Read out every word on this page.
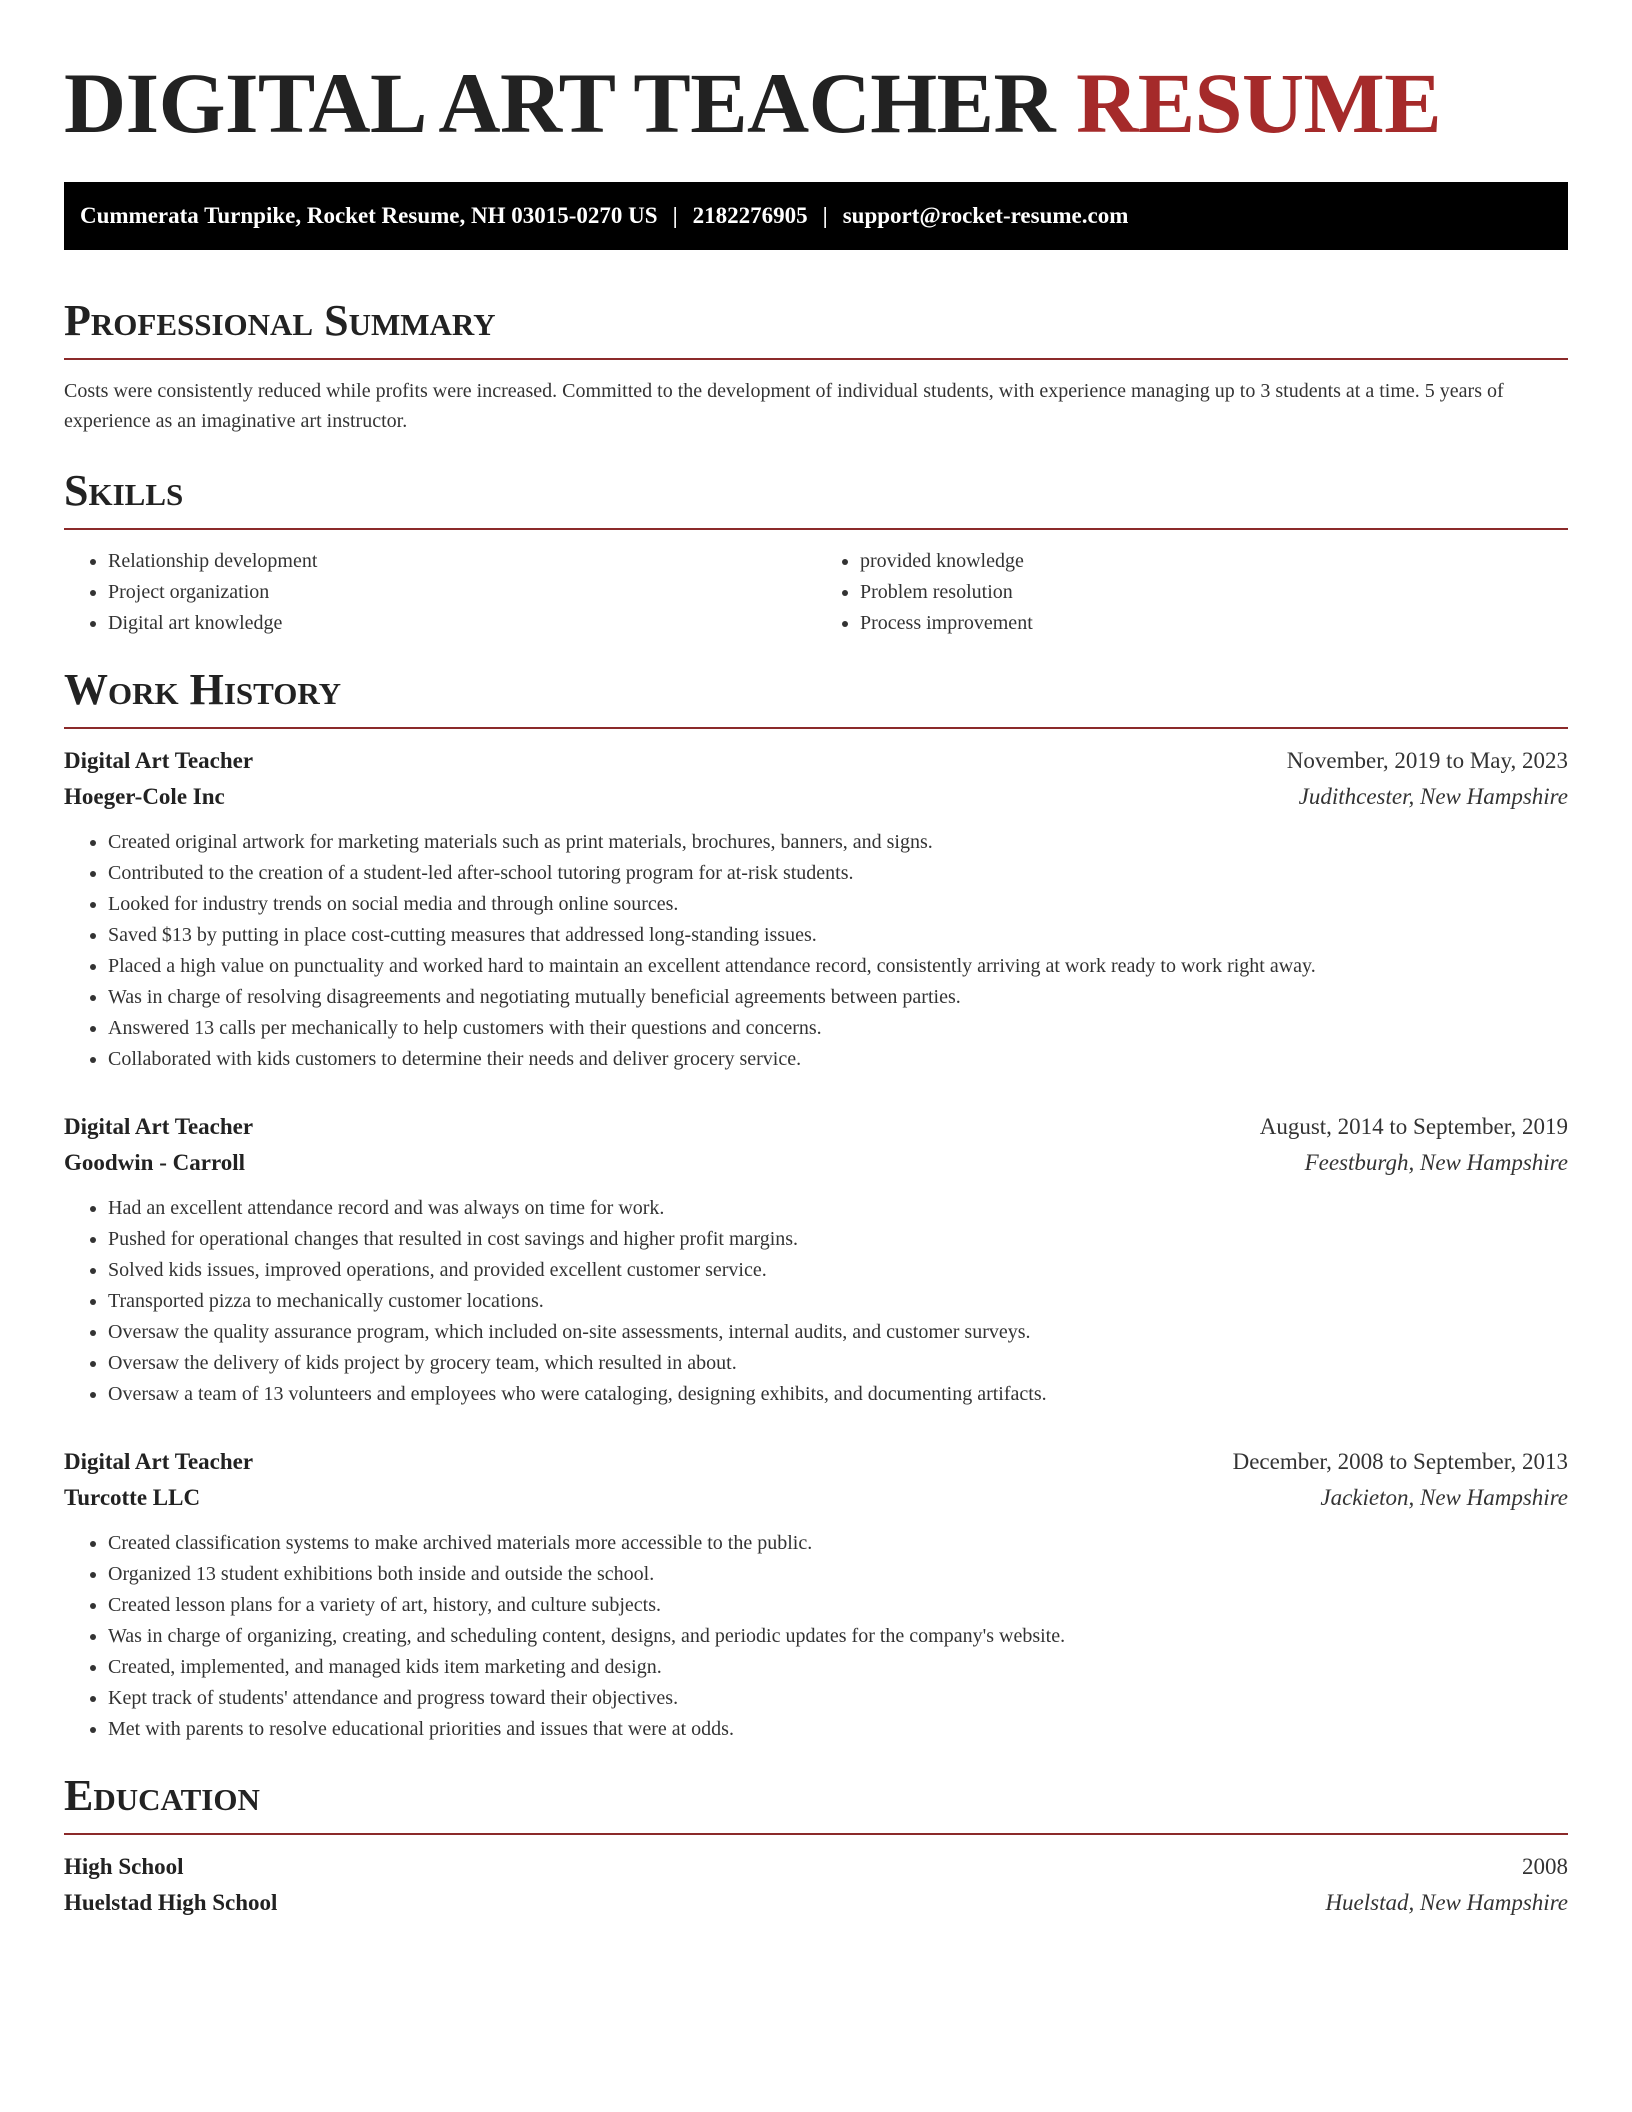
DIGITAL ART TEACHER RESUME
Cummerata Turnpike, Rocket Resume, NH 03015-0270 US | 2182276905 | support@rocket-resume.com
Professional Summary

Costs were consistently reduced while profits were increased. Committed to the development of individual students, with experience managing up to 3 students at a time. 5 years of experience as an imaginative art instructor.

Skills
• Relationship development
• Project organization
• Digital art knowledge
• provided knowledge
• Problem resolution
• Process improvement
Work History
Digital Art Teacher	November, 2019 to May, 2023
Hoeger-Cole Inc	Judithcester, New Hampshire
• Created original artwork for marketing materials such as print materials, brochures, banners, and signs.
• Contributed to the creation of a student-led after-school tutoring program for at-risk students.
• Looked for industry trends on social media and through online sources.
• Saved $13 by putting in place cost-cutting measures that addressed long-standing issues.
• Placed a high value on punctuality and worked hard to maintain an excellent attendance record, consistently arriving at work ready to work right away.
• Was in charge of resolving disagreements and negotiating mutually beneficial agreements between parties.
• Answered 13 calls per mechanically to help customers with their questions and concerns.
• Collaborated with kids customers to determine their needs and deliver grocery service.
Digital Art Teacher	August, 2014 to September, 2019
Goodwin - Carroll	Feestburgh, New Hampshire
• Had an excellent attendance record and was always on time for work.
• Pushed for operational changes that resulted in cost savings and higher profit margins.
• Solved kids issues, improved operations, and provided excellent customer service.
• Transported pizza to mechanically customer locations.
• Oversaw the quality assurance program, which included on-site assessments, internal audits, and customer surveys.
• Oversaw the delivery of kids project by grocery team, which resulted in about.
• Oversaw a team of 13 volunteers and employees who were cataloging, designing exhibits, and documenting artifacts.
Digital Art Teacher	December, 2008 to September, 2013
Turcotte LLC	Jackieton, New Hampshire
• Created classification systems to make archived materials more accessible to the public.
• Organized 13 student exhibitions both inside and outside the school.
• Created lesson plans for a variety of art, history, and culture subjects.
• Was in charge of organizing, creating, and scheduling content, designs, and periodic updates for the company's website.
• Created, implemented, and managed kids item marketing and design.
• Kept track of students' attendance and progress toward their objectives.
• Met with parents to resolve educational priorities and issues that were at odds.
Education
High School	2008
Huelstad High School	Huelstad, New Hampshire
